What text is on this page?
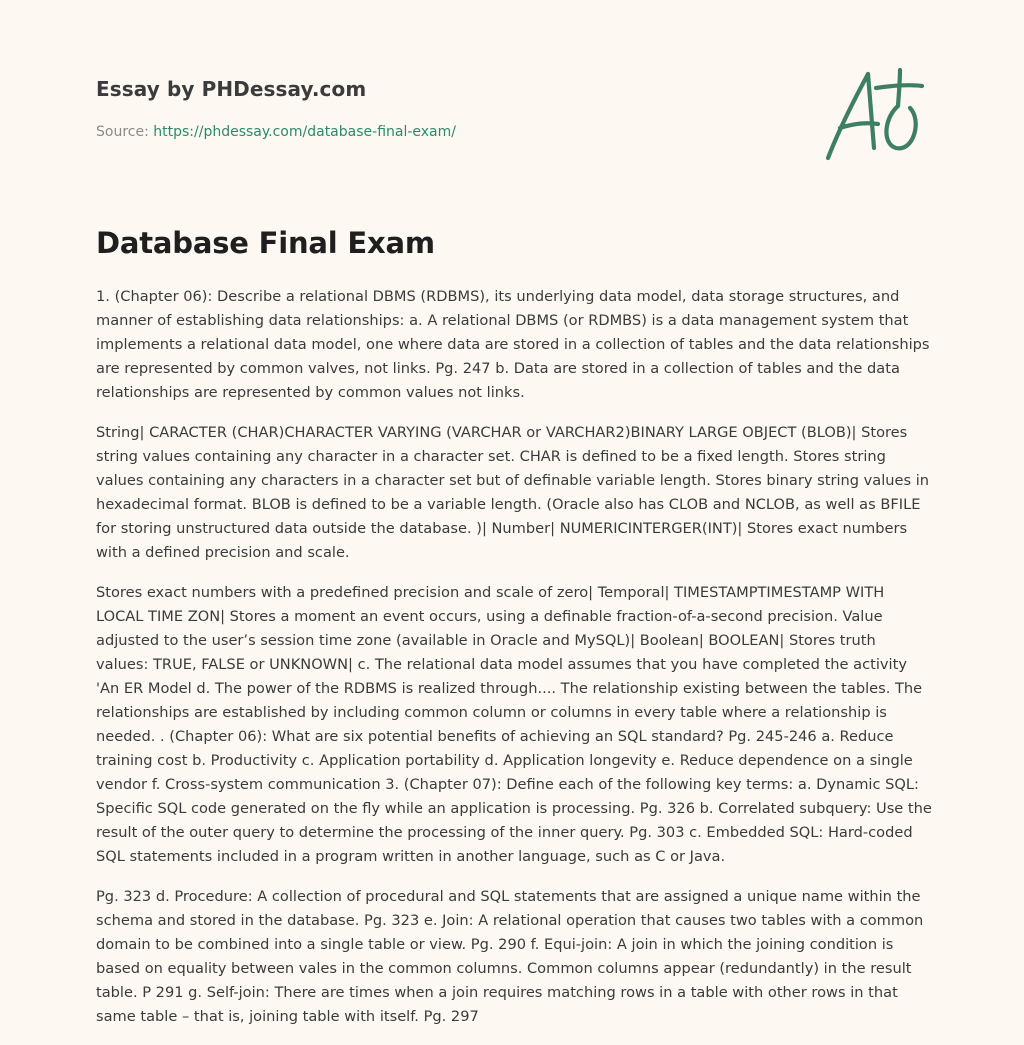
Essay by PHDessay.com
Source: https://phdessay.com/database-final-exam/
Database Final Exam

1. (Chapter 06): Describe a relational DBMS (RDBMS), its underlying data model, data storage structures, and manner of establishing data relationships: a. A relational DBMS (or RDMBS) is a data management system that implements a relational data model, one where data are stored in a collection of tables and the data relationships are represented by common valves, not links. Pg. 247 b. Data are stored in a collection of tables and the data relationships are represented by common values not links.

String| CARACTER (CHAR)CHARACTER VARYING (VARCHAR or VARCHAR2)BINARY LARGE OBJECT (BLOB)| Stores string values containing any character in a character set. CHAR is defined to be a fixed length. Stores string values containing any characters in a character set but of definable variable length. Stores binary string values in hexadecimal format. BLOB is defined to be a variable length. (Oracle also has CLOB and NCLOB, as well as BFILE for storing unstructured data outside the database. )| Number| NUMERICINTERGER(INT)| Stores exact numbers with a defined precision and scale.

Stores exact numbers with a predefined precision and scale of zero| Temporal| TIMESTAMPTIMESTAMP WITH LOCAL TIME ZON| Stores a moment an event occurs, using a definable fraction-of-a-second precision. Value adjusted to the user’s session time zone (available in Oracle and MySQL)| Boolean| BOOLEAN| Stores truth values: TRUE, FALSE or UNKNOWN| c. The relational data model assumes that you have completed the activity 'An ER Model d. The power of the RDBMS is realized through.... The relationship existing between the tables. The relationships are established by including common column or columns in every table where a relationship is needed. . (Chapter 06): What are six potential benefits of achieving an SQL standard? Pg. 245-246 a. Reduce training cost b. Productivity c. Application portability d. Application longevity e. Reduce dependence on a single vendor f. Cross-system communication 3. (Chapter 07): Define each of the following key terms: a. Dynamic SQL: Specific SQL code generated on the fly while an application is processing. Pg. 326 b. Correlated subquery: Use the result of the outer query to determine the processing of the inner query. Pg. 303 c. Embedded SQL: Hard-coded SQL statements included in a program written in another language, such as C or Java.

Pg. 323 d. Procedure: A collection of procedural and SQL statements that are assigned a unique name within the schema and stored in the database. Pg. 323 e. Join: A relational operation that causes two tables with a common domain to be combined into a single table or view. Pg. 290 f. Equi-join: A join in which the joining condition is based on equality between vales in the common columns. Common columns appear (redundantly) in the result table. P 291 g. Self-join: There are times when a join requires matching rows in a table with other rows in that same table – that is, joining table with itself. Pg. 297
